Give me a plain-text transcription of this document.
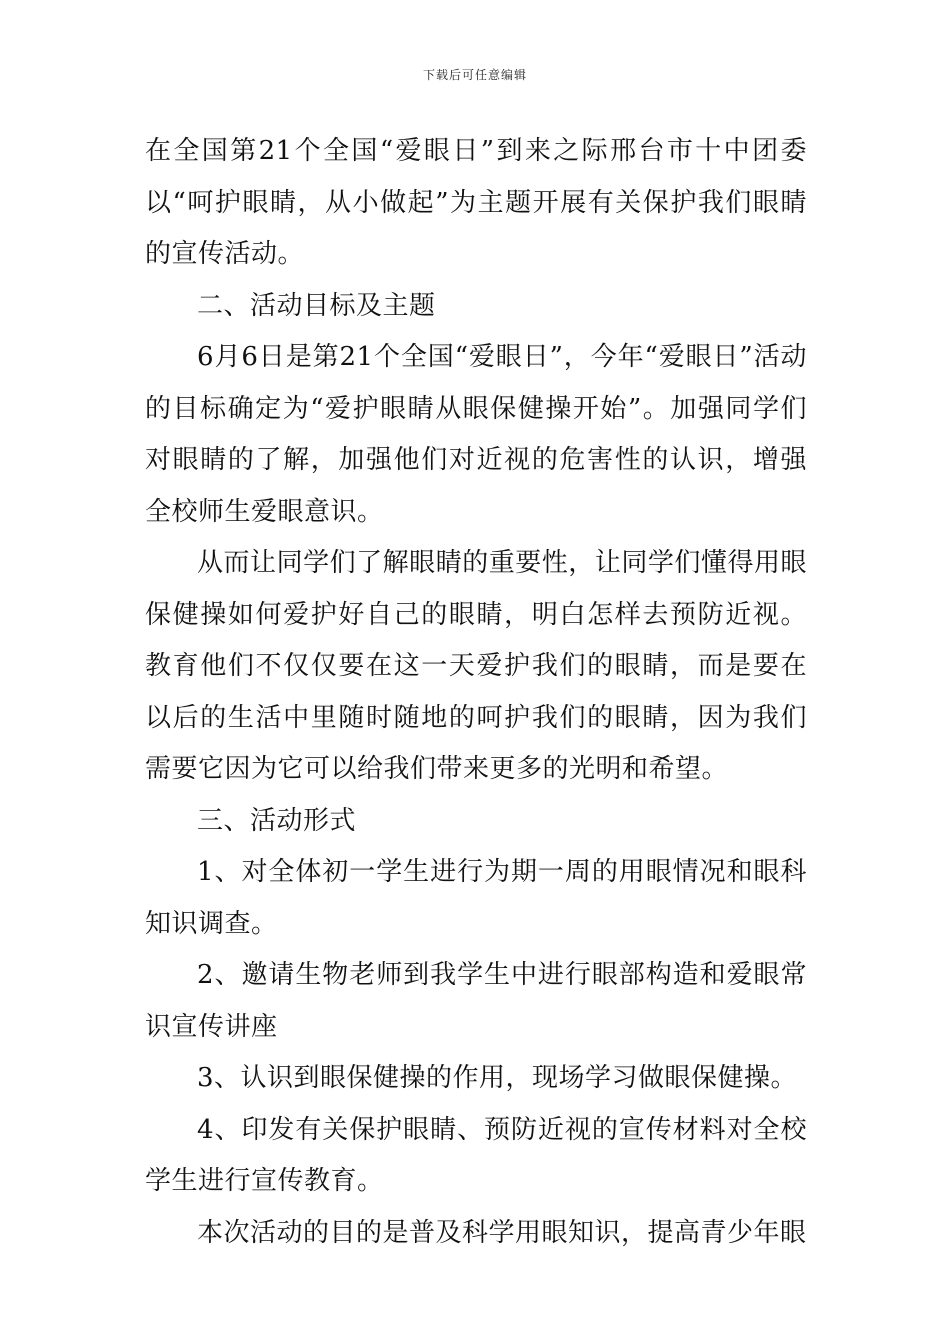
下载后可任意编辑

在全国第21个全国“爱眼日”到来之际邢台市十中团委以“呵护眼睛，从小做起”为主题开展有关保护我们眼睛的宣传活动。

二、活动目标及主题

6月6日是第21个全国“爱眼日”，今年“爱眼日”活动的目标确定为“爱护眼睛从眼保健操开始”。加强同学们对眼睛的了解，加强他们对近视的危害性的认识，增强全校师生爱眼意识。

从而让同学们了解眼睛的重要性，让同学们懂得用眼保健操如何爱护好自己的眼睛，明白怎样去预防近视。教育他们不仅仅要在这一天爱护我们的眼睛，而是要在以后的生活中里随时随地的呵护我们的眼睛，因为我们需要它因为它可以给我们带来更多的光明和希望。

三、活动形式

1、对全体初一学生进行为期一周的用眼情况和眼科知识调查。

2、邀请生物老师到我学生中进行眼部构造和爱眼常识宣传讲座

3、认识到眼保健操的作用，现场学习做眼保健操。

4、印发有关保护眼睛、预防近视的宣传材料对全校学生进行宣传教育。

本次活动的目的是普及科学用眼知识，提高青少年眼
